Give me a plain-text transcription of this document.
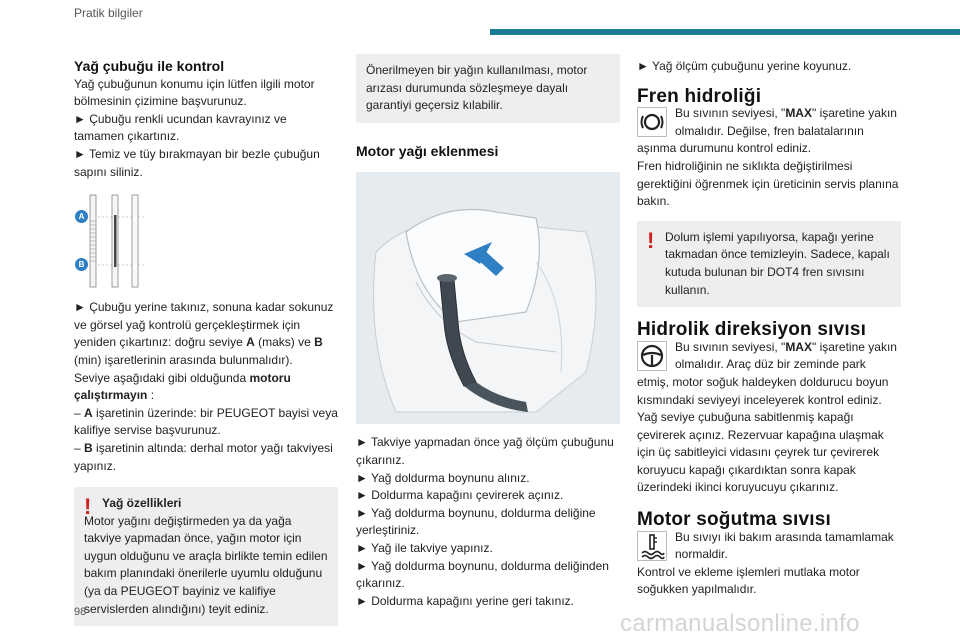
Pratik bilgiler

Yağ çubuğu ile kontrol

Yağ çubuğunun konumu için lütfen ilgili motor bölmesinin çizimine başvurunuz.

► Çubuğu renkli ucundan kavrayınız ve tamamen çıkartınız.

► Temiz ve tüy bırakmayan bir bezle çubuğun sapını siliniz.

A
B

► Çubuğu yerine takınız, sonuna kadar sokunuz ve görsel yağ kontrolü gerçekleştirmek için yeniden çıkartınız: doğru seviye A (maks) ve B (min) işaretlerinin arasında bulunmalıdır).

Seviye aşağıdaki gibi olduğunda motoru çalıştırmayın :

– A işaretinin üzerinde: bir PEUGEOT bayisi veya kalifiye servise başvurunuz.

– B işaretinin altında: derhal motor yağı takviyesi yapınız.

! Yağ özellikleri

Motor yağını değiştirmeden ya da yağa takviye yapmadan önce, yağın motor için uygun olduğunu ve araçla birlikte temin edilen bakım planındaki önerilerle uyumlu olduğunu (ya da PEUGEOT bayiniz ve kalifiye servislerden alındığını) teyit ediniz.

Önerilmeyen bir yağın kullanılması, motor arızası durumunda sözleşmeye dayalı garantiyi geçersiz kılabilir.

Motor yağı eklenmesi

► Takviye yapmadan önce yağ ölçüm çubuğunu çıkarınız.

► Yağ doldurma boynunu alınız.

► Doldurma kapağını çevirerek açınız.

► Yağ doldurma boynunu, doldurma deliğine yerleştiriniz.

► Yağ ile takviye yapınız.

► Yağ doldurma boynunu, doldurma deliğinden çıkarınız.

► Doldurma kapağını yerine geri takınız.

► Yağ ölçüm çubuğunu yerine koyunuz.

Fren hidroliği

Bu sıvının seviyesi, "MAX" işaretine yakın olmalıdır. Değilse, fren balatalarının aşınma durumunu kontrol ediniz.

Fren hidroliğinin ne sıklıkta değiştirilmesi gerektiğini öğrenmek için üreticinin servis planına bakın.

! Dolum işlemi yapılıyorsa, kapağı yerine takmadan önce temizleyin. Sadece, kapalı kutuda bulunan bir DOT4 fren sıvısını kullanın.

Hidrolik direksiyon sıvısı

Bu sıvının seviyesi, "MAX" işaretine yakın olmalıdır. Araç düz bir zeminde park etmiş, motor soğuk haldeyken doldurucu boyun kısmındaki seviyeyi inceleyerek kontrol ediniz. Yağ seviye çubuğuna sabitlenmiş kapağı çevirerek açınız. Rezervuar kapağına ulaşmak için üç sabitleyici vidasını çeyrek tur çevirerek koruyucu kapağı çıkardıktan sonra kapak üzerindeki ikinci koruyucuyu çıkarınız.

Motor soğutma sıvısı

Bu sıvıyı iki bakım arasında tamamlamak normaldir.

Kontrol ve ekleme işlemleri mutlaka motor soğukken yapılmalıdır.

98	carmanualsonline.info
